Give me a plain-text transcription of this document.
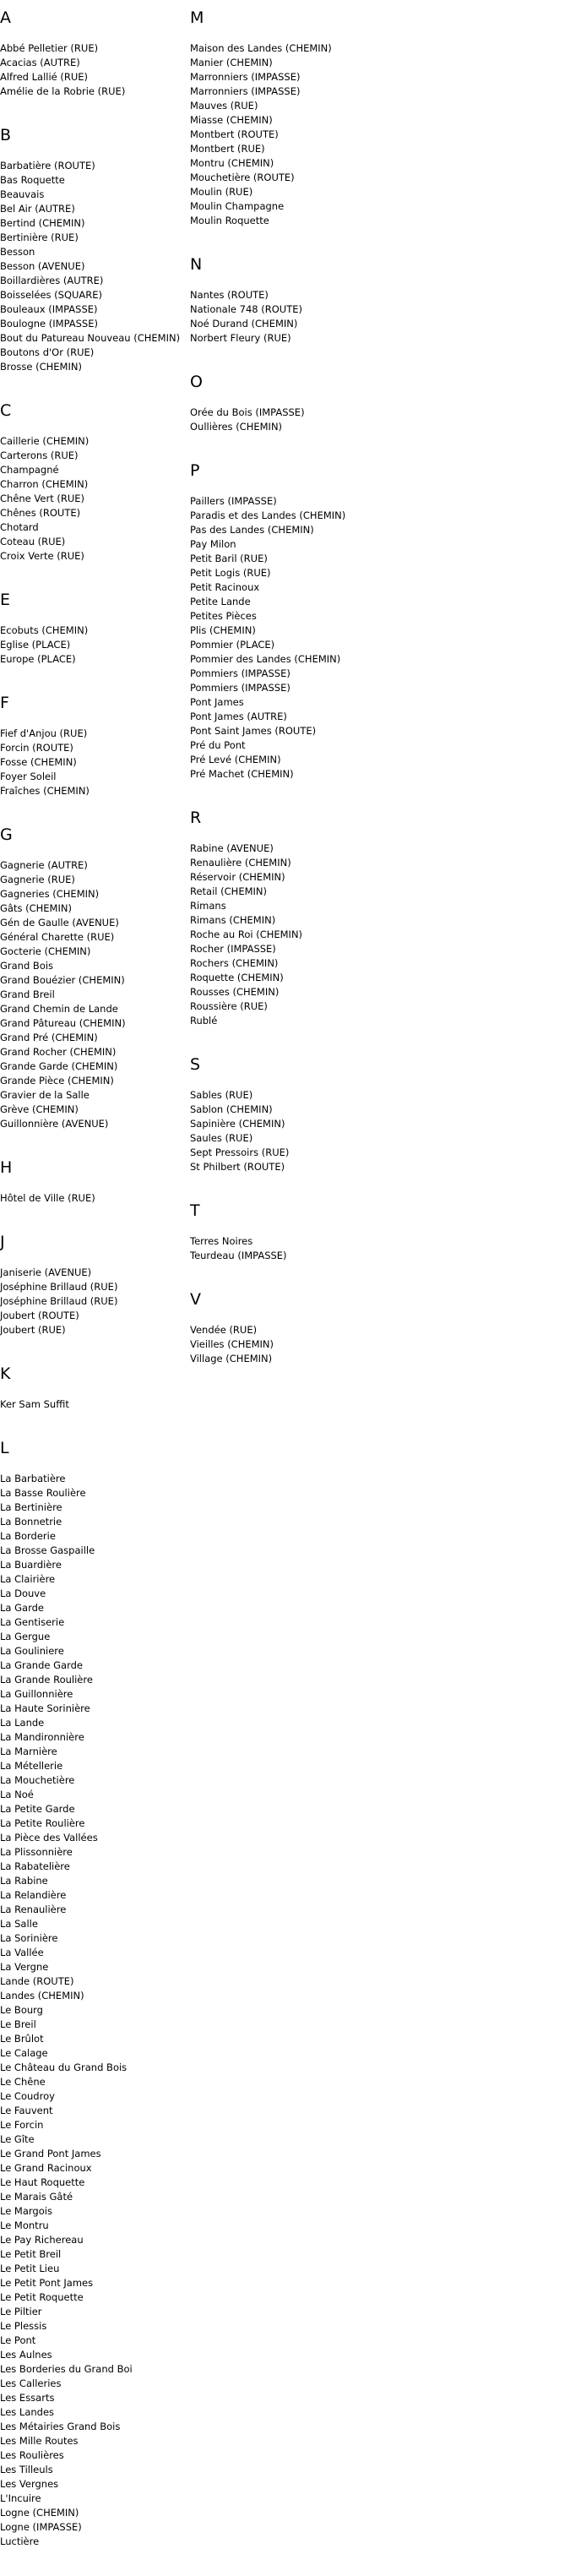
A
Abbé Pelletier (RUE)
Acacias (AUTRE)
Alfred Lallié (RUE)
Amélie de la Robrie (RUE)
B
Barbatière (ROUTE)
Bas Roquette
Beauvais
Bel Air (AUTRE)
Bertind (CHEMIN)
Bertinière (RUE)
Besson
Besson (AVENUE)
Boillardières (AUTRE)
Boisselées (SQUARE)
Bouleaux (IMPASSE)
Boulogne (IMPASSE)
Bout du Patureau Nouveau (CHEMIN)
Boutons d'Or (RUE)
Brosse (CHEMIN)
C
Caillerie (CHEMIN)
Carterons (RUE)
Champagné
Charron (CHEMIN)
Chêne Vert (RUE)
Chênes (ROUTE)
Chotard
Coteau (RUE)
Croix Verte (RUE)
E
Ecobuts (CHEMIN)
Eglise (PLACE)
Europe (PLACE)
F
Fief d'Anjou (RUE)
Forcin (ROUTE)
Fosse (CHEMIN)
Foyer Soleil
Fraîches (CHEMIN)
G
Gagnerie (AUTRE)
Gagnerie (RUE)
Gagneries (CHEMIN)
Gâts (CHEMIN)
Gén de Gaulle (AVENUE)
Général Charette (RUE)
Gocterie (CHEMIN)
Grand Bois
Grand Bouézier (CHEMIN)
Grand Breil
Grand Chemin de Lande
Grand Pâtureau (CHEMIN)
Grand Pré (CHEMIN)
Grand Rocher (CHEMIN)
Grande Garde (CHEMIN)
Grande Pièce (CHEMIN)
Gravier de la Salle
Grève (CHEMIN)
Guillonnière (AVENUE)
H
Hôtel de Ville (RUE)
J
Janiserie (AVENUE)
Joséphine Brillaud (RUE)
Joséphine Brillaud (RUE)
Joubert (ROUTE)
Joubert (RUE)
K
Ker Sam Suffit
L
La Barbatière
La Basse Roulière
La Bertinière
La Bonnetrie
La Borderie
La Brosse Gaspaille
La Buardière
La Clairière
La Douve
La Garde
La Gentiserie
La Gergue
La Gouliniere
La Grande Garde
La Grande Roulière
La Guillonnière
La Haute Sorinière
La Lande
La Mandironnière
La Marnière
La Métellerie
La Mouchetière
La Noé
La Petite Garde
La Petite Roulière
La Pièce des Vallées
La Plissonnière
La Rabatelière
La Rabine
La Relandière
La Renaulière
La Salle
La Sorinière
La Vallée
La Vergne
Lande (ROUTE)
Landes (CHEMIN)
Le Bourg
Le Breil
Le Brûlot
Le Calage
Le Château du Grand Bois
Le Chêne
Le Coudroy
Le Fauvent
Le Forcin
Le Gîte
Le Grand Pont James
Le Grand Racinoux
Le Haut Roquette
Le Marais Gâté
Le Margois
Le Montru
Le Pay Richereau
Le Petit Breil
Le Petit Lieu
Le Petit Pont James
Le Petit Roquette
Le Piltier
Le Plessis
Le Pont
Les Aulnes
Les Borderies du Grand Boi
Les Calleries
Les Essarts
Les Landes
Les Métairies Grand Bois
Les Mille Routes
Les Roulières
Les Tilleuls
Les Vergnes
L'Incuire
Logne (CHEMIN)
Logne (IMPASSE)
Luctière
M
Maison des Landes (CHEMIN)
Manier (CHEMIN)
Marronniers (IMPASSE)
Marronniers (IMPASSE)
Mauves (RUE)
Miasse (CHEMIN)
Montbert (ROUTE)
Montbert (RUE)
Montru (CHEMIN)
Mouchetière (ROUTE)
Moulin (RUE)
Moulin Champagne
Moulin Roquette
N
Nantes (ROUTE)
Nationale 748 (ROUTE)
Noé Durand (CHEMIN)
Norbert Fleury (RUE)
O
Orée du Bois (IMPASSE)
Oullières (CHEMIN)
P
Paillers (IMPASSE)
Paradis et des Landes (CHEMIN)
Pas des Landes (CHEMIN)
Pay Milon
Petit Baril (RUE)
Petit Logis (RUE)
Petit Racinoux
Petite Lande
Petites Pièces
Plis (CHEMIN)
Pommier (PLACE)
Pommier des Landes (CHEMIN)
Pommiers (IMPASSE)
Pommiers (IMPASSE)
Pont James
Pont James (AUTRE)
Pont Saint James (ROUTE)
Pré du Pont
Pré Levé (CHEMIN)
Pré Machet (CHEMIN)
R
Rabine (AVENUE)
Renaulière (CHEMIN)
Réservoir (CHEMIN)
Retail (CHEMIN)
Rimans
Rimans (CHEMIN)
Roche au Roi (CHEMIN)
Rocher (IMPASSE)
Rochers (CHEMIN)
Roquette (CHEMIN)
Rousses (CHEMIN)
Roussière (RUE)
Rublé
S
Sables (RUE)
Sablon (CHEMIN)
Sapinière (CHEMIN)
Saules (RUE)
Sept Pressoirs (RUE)
St Philbert (ROUTE)
T
Terres Noires
Teurdeau (IMPASSE)
V
Vendée (RUE)
Vieilles (CHEMIN)
Village (CHEMIN)
